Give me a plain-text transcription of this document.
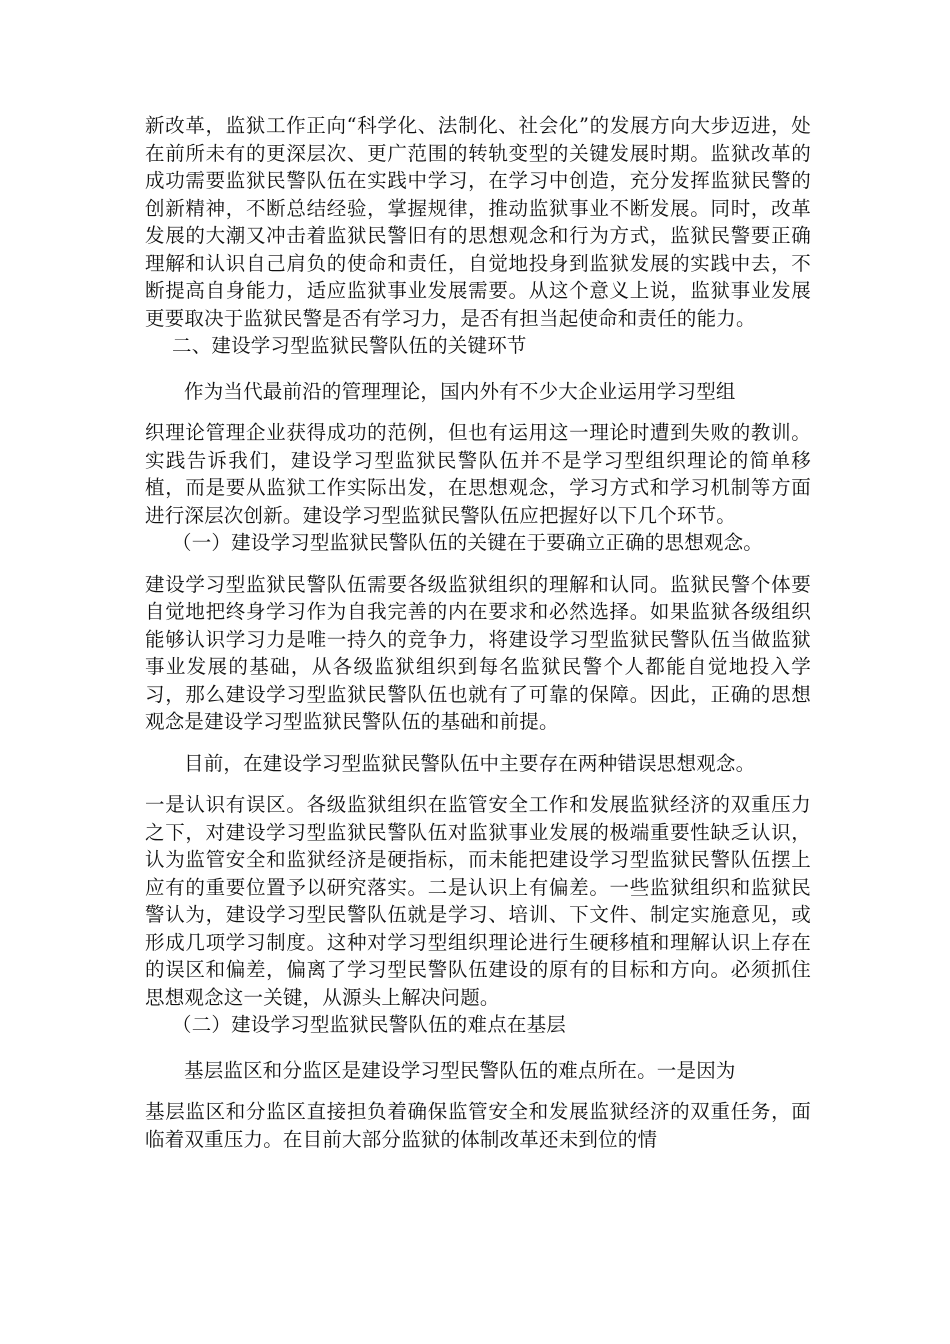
新改革，监狱工作正向“科学化、法制化、社会化”的发展方向大步迈进，处在前所未有的更深层次、更广范围的转轨变型的关键发展时期。监狱改革的成功需要监狱民警队伍在实践中学习，在学习中创造，充分发挥监狱民警的创新精神，不断总结经验，掌握规律，推动监狱事业不断发展。同时，改革发展的大潮又冲击着监狱民警旧有的思想观念和行为方式，监狱民警要正确理解和认识自己肩负的使命和责任，自觉地投身到监狱发展的实践中去，不断提高自身能力，适应监狱事业发展需要。从这个意义上说，监狱事业发展更要取决于监狱民警是否有学习力，是否有担当起使命和责任的能力。

二、建设学习型监狱民警队伍的关键环节

作为当代最前沿的管理理论，国内外有不少大企业运用学习型组

织理论管理企业获得成功的范例，但也有运用这一理论时遭到失败的教训。实践告诉我们，建设学习型监狱民警队伍并不是学习型组织理论的简单移植，而是要从监狱工作实际出发，在思想观念，学习方式和学习机制等方面进行深层次创新。建设学习型监狱民警队伍应把握好以下几个环节。

（一）建设学习型监狱民警队伍的关键在于要确立正确的思想观念。

建设学习型监狱民警队伍需要各级监狱组织的理解和认同。监狱民警个体要自觉地把终身学习作为自我完善的内在要求和必然选择。如果监狱各级组织能够认识学习力是唯一持久的竞争力，将建设学习型监狱民警队伍当做监狱事业发展的基础，从各级监狱组织到每名监狱民警个人都能自觉地投入学习，那么建设学习型监狱民警队伍也就有了可靠的保障。因此，正确的思想观念是建设学习型监狱民警队伍的基础和前提。

目前，在建设学习型监狱民警队伍中主要存在两种错误思想观念。

一是认识有误区。各级监狱组织在监管安全工作和发展监狱经济的双重压力之下，对建设学习型监狱民警队伍对监狱事业发展的极端重要性缺乏认识，认为监管安全和监狱经济是硬指标，而未能把建设学习型监狱民警队伍摆上应有的重要位置予以研究落实。二是认识上有偏差。一些监狱组织和监狱民警认为，建设学习型民警队伍就是学习、培训、下文件、制定实施意见，或形成几项学习制度。这种对学习型组织理论进行生硬移植和理解认识上存在的误区和偏差，偏离了学习型民警队伍建设的原有的目标和方向。必须抓住思想观念这一关键，从源头上解决问题。

（二）建设学习型监狱民警队伍的难点在基层

基层监区和分监区是建设学习型民警队伍的难点所在。一是因为

基层监区和分监区直接担负着确保监管安全和发展监狱经济的双重任务，面临着双重压力。在目前大部分监狱的体制改革还未到位的情
